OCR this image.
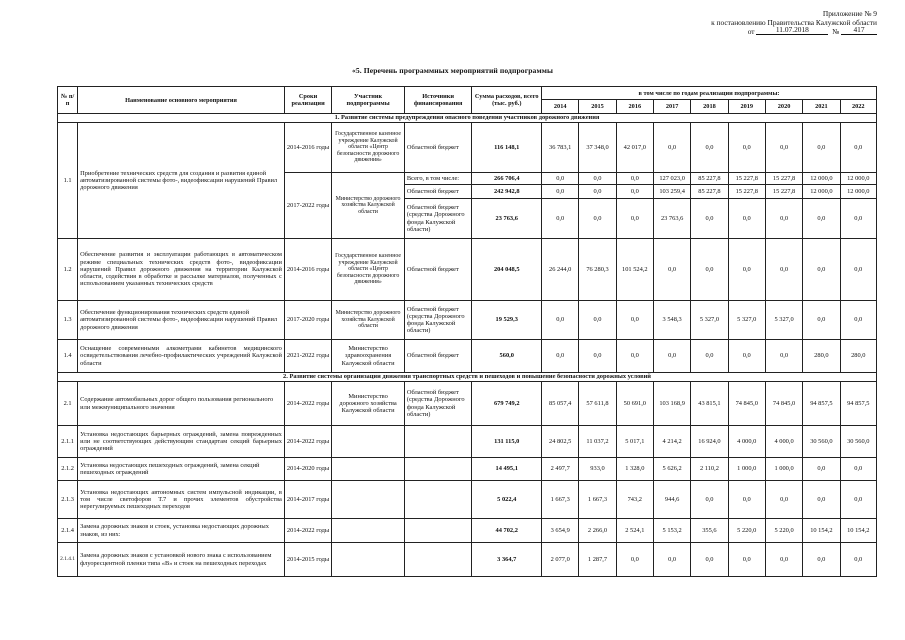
Приложение № 9
к постановлению Правительства Калужской области
от	11.07.2018	№ 417
«5. Перечень программных мероприятий подпрограммы
№ п/п	Наименование основного мероприятия	Сроки реализации	Участник подпрограммы	Источники финансирования	Сумма расходов, всего (тыс. руб.)	в том числе по годам реализации подпрограммы:								
						2014	2015	2016	2017	2018	2019	2020	2021	2022
1. Развитие системы предупреждения опасного поведения участников дорожного движения														
1.1	Приобретение технических средств для создания и развития единой автоматизированной системы фото-, видеофиксации нарушений Правил дорожного движения	2014-2016 годы	Государственное казенное учреждение Калужской области «Центр безопасности дорожного движения»	Областной бюджет	116 148,1	36 783,1	37 348,0	42 017,0	0,0	0,0	0,0	0,0	0,0	0,0
		2017-2022 годы	Министерство дорожного хозяйства Калужской области	Всего, в том числе:	266 706,4	0,0	0,0	0,0	127 023,0	85 227,8	15 227,8	15 227,8	12 000,0	12 000,0
				Областной бюджет	242 942,8	0,0	0,0	0,0	103 259,4	85 227,8	15 227,8	15 227,8	12 000,0	12 000,0
				Областной бюджет (средства Дорожного фонда Калужской области)	23 763,6	0,0	0,0	0,0	23 763,6	0,0	0,0	0,0	0,0	0,0
1.2	Обеспечение развития и эксплуатации работающих в автоматическом режиме специальных технических средств фото-, видеофиксации нарушений Правил дорожного движения на территории Калужской области, содействия в обработке и рассылке материалов, полученных с использованием указанных технических средств	2014-2016 годы	Государственное казенное учреждение Калужской области «Центр безопасности дорожного движения»	Областной бюджет	204 048,5	26 244,0	76 280,3	101 524,2	0,0	0,0	0,0	0,0	0,0	0,0
1.3	Обеспечение функционирования технических средств единой автоматизированной системы фото-, видеофиксации нарушений Правил дорожного движения	2017-2020 годы	Министерство дорожного хозяйства Калужской области	Областной бюджет (средства Дорожного фонда Калужской области)	19 529,3	0,0	0,0	0,0	3 548,3	5 327,0	5 327,0	5 327,0	0,0	0,0
1.4	Оснащение современными алкометрами кабинетов медицинского освидетельствования лечебно-профилактических учреждений Калужской области	2021-2022 годы	Министерство здравоохранения Калужской области	Областной бюджет	560,0	0,0	0,0	0,0	0,0	0,0	0,0	0,0	280,0	280,0
2. Развитие системы организации движения транспортных средств и пешеходов и повышение безопасности дорожных условий														
2.1	Содержание автомобильных дорог общего пользования регионального или межмуниципального значения	2014-2022 годы	Министерство дорожного хозяйства Калужской области	Областной бюджет (средства Дорожного фонда Калужской области)	679 749,2	85 057,4	57 611,8	50 691,0	103 168,9	43 815,1	74 845,0	74 845,0	94 857,5	94 857,5
2.1.1	Установка недостающих барьерных ограждений, замена поврежденных или не соответствующих действующим стандартам секций барьерных ограждений	2014-2022 годы			131 115,0	24 802,5	11 037,2	5 017,1	4 214,2	16 924,0	4 000,0	4 000,0	30 560,0	30 560,0
2.1.2	Установка недостающих пешеходных ограждений, замена секций пешеходных ограждений	2014-2020 годы			14 495,1	2 497,7	933,0	1 328,0	5 626,2	2 110,2	1 000,0	1 000,0	0,0	0,0
2.1.3	Установка недостающих автономных систем импульсной индикации, в том числе светофоров Т.7 и прочих элементов обустройства нерегулируемых пешеходных переходов	2014-2017 годы			5 022,4	1 667,3	1 667,3	743,2	944,6	0,0	0,0	0,0	0,0	0,0
2.1.4	Замена дорожных знаков и стоек, установка недостающих дорожных знаков, из них:	2014-2022 годы			44 702,2	3 654,9	2 266,0	2 524,1	5 153,2	355,6	5 220,0	5 220,0	10 154,2	10 154,2
2.1.4.1	Замена дорожных знаков с установкой нового знака с использованием флуоресцентной пленки типа «В» и стоек на пешеходных переходах	2014-2015 годы			3 364,7	2 077,0	1 287,7	0,0	0,0	0,0	0,0	0,0	0,0	0,0
